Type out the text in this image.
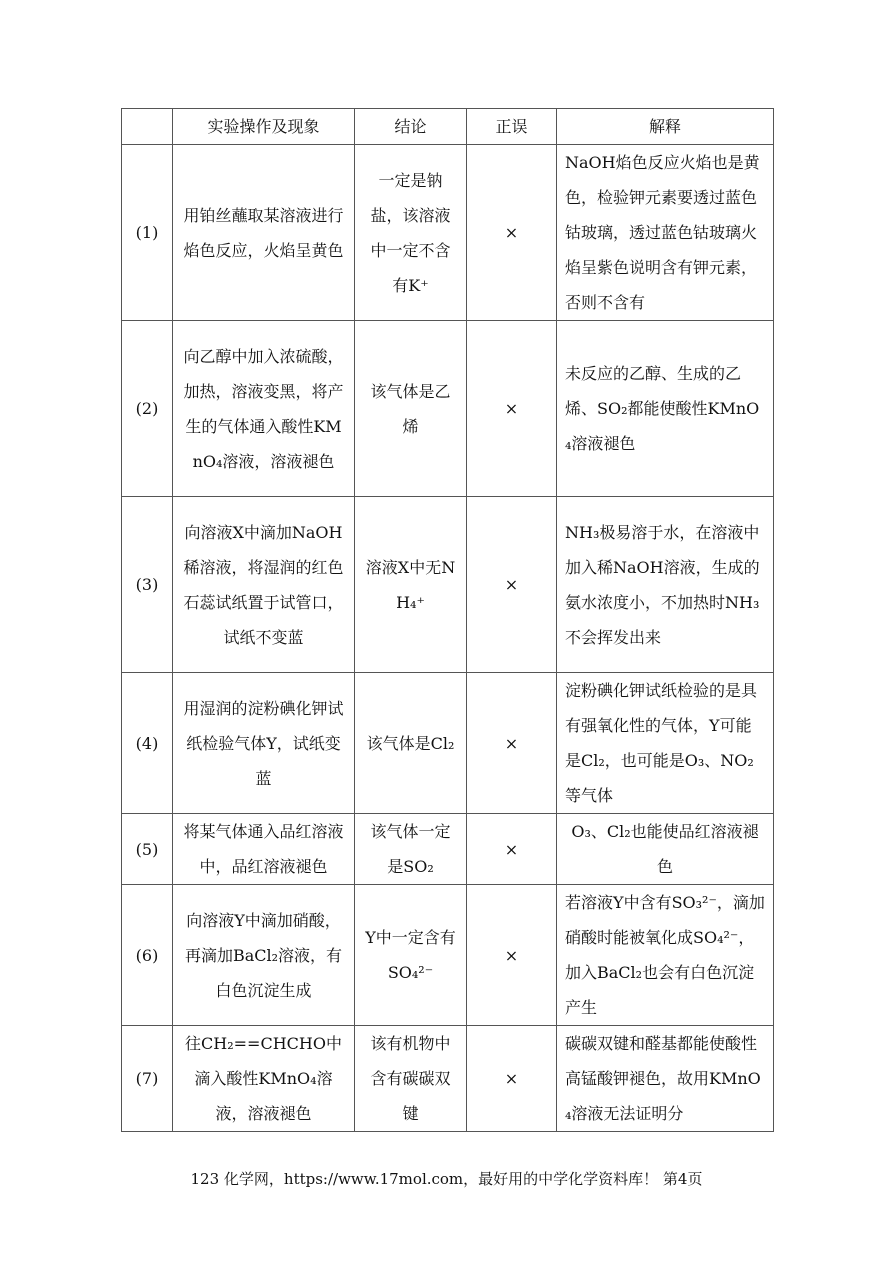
	实验操作及现象	结论	正误	解释
(1)	用铂丝蘸取某溶液进行焰色反应，火焰呈黄色	一定是钠盐，该溶液中一定不含有K⁺	×	NaOH焰色反应火焰也是黄色，检验钾元素要透过蓝色钴玻璃，透过蓝色钴玻璃火焰呈紫色说明含有钾元素，否则不含有
(2)	向乙醇中加入浓硫酸，加热，溶液变黑，将产生的气体通入酸性KMnO₄溶液，溶液褪色	该气体是乙烯	×	未反应的乙醇、生成的乙烯、SO₂都能使酸性KMnO₄溶液褪色
(3)	向溶液X中滴加NaOH稀溶液，将湿润的红色石蕊试纸置于试管口，试纸不变蓝	溶液X中无NH₄⁺	×	NH₃极易溶于水，在溶液中加入稀NaOH溶液，生成的氨水浓度小，不加热时NH₃不会挥发出来
(4)	用湿润的淀粉碘化钾试纸检验气体Y，试纸变蓝	该气体是Cl₂	×	淀粉碘化钾试纸检验的是具有强氧化性的气体，Y可能是Cl₂，也可能是O₃、NO₂等气体
(5)	将某气体通入品红溶液中，品红溶液褪色	该气体一定是SO₂	×	O₃、Cl₂也能使品红溶液褪色
(6)	向溶液Y中滴加硝酸，再滴加BaCl₂溶液，有白色沉淀生成	Y中一定含有SO₄²⁻	×	若溶液Y中含有SO₃²⁻，滴加硝酸时能被氧化成SO₄²⁻，加入BaCl₂也会有白色沉淀产生
(7)	往CH₂==CHCHO中滴入酸性KMnO₄溶液，溶液褪色	该有机物中含有碳碳双键	×	碳碳双键和醛基都能使酸性高锰酸钾褪色，故用KMnO₄溶液无法证明分
123 化学网，https://www.17mol.com，最好用的中学化学资料库！ 第4页
